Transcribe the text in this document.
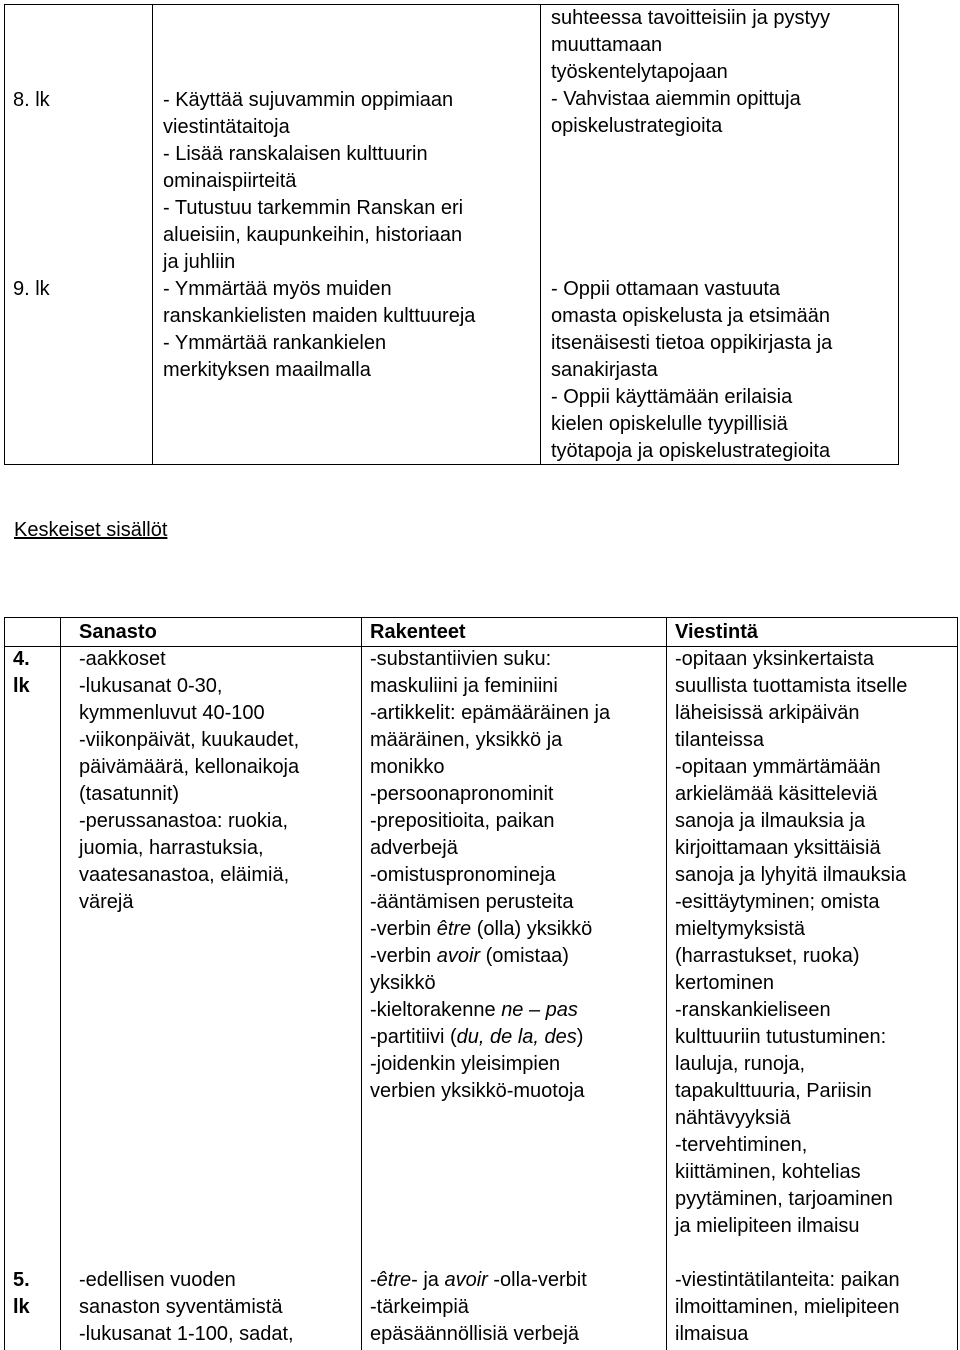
8. lk
9. lk
- Käyttää sujuvammin oppimiaan
viestintätaitoja
- Lisää ranskalaisen kulttuurin
ominaispiirteitä
- Tutustuu tarkemmin Ranskan eri
alueisiin, kaupunkeihin, historiaan
ja juhliin
- Ymmärtää myös muiden
ranskankielisten maiden kulttuureja
- Ymmärtää rankankielen
merkityksen maailmalla
suhteessa tavoitteisiin ja pystyy
muuttamaan
työskentelytapojaan
- Vahvistaa aiemmin opittuja
opiskelustrategioita
- Oppii ottamaan vastuuta
omasta opiskelusta ja etsimään
itsenäisesti tietoa oppikirjasta ja
sanakirjasta
- Oppii käyttämään erilaisia
kielen opiskelulle tyypillisiä
työtapoja ja opiskelustrategioita
Keskeiset sisällöt
Sanasto	Rakenteet	Viestintä
4.
lk
-aakkoset
-lukusanat 0-30,
kymmenluvut 40-100
-viikonpäivät, kuukaudet,
päivämäärä, kellonaikoja
(tasatunnit)
-perussanastoa: ruokia,
juomia, harrastuksia,
vaatesanastoa, eläimiä,
värejä
-substantiivien suku:
maskuliini ja feminiini
-artikkelit: epämääräinen ja
määräinen, yksikkö ja
monikko
-persoonapronominit
-prepositioita, paikan
adverbejä
-omistuspronomineja
-ääntämisen perusteita
-verbin être (olla) yksikkö
-verbin avoir (omistaa)
yksikkö
-kieltorakenne ne – pas
-partitiivi (du, de la, des)
-joidenkin yleisimpien
verbien yksikkö-muotoja
-opitaan yksinkertaista
suullista tuottamista itselle
läheisissä arkipäivän
tilanteissa
-opitaan ymmärtämään
arkielämää käsitteleviä
sanoja ja ilmauksia ja
kirjoittamaan yksittäisiä
sanoja ja lyhyitä ilmauksia
-esittäytyminen; omista
mieltymyksistä
(harrastukset, ruoka)
kertominen
-ranskankieliseen
kulttuuriin tutustuminen:
lauluja, runoja,
tapakulttuuria, Pariisin
nähtävyyksiä
-tervehtiminen,
kiittäminen, kohtelias
pyytäminen, tarjoaminen
ja mielipiteen ilmaisu
5.
lk
-edellisen vuoden
sanaston syventämistä
-lukusanat 1-100, sadat,
-être- ja avoir -olla-verbit
-tärkeimpiä
epäsäännöllisiä verbejä
-viestintätilanteita: paikan
ilmoittaminen, mielipiteen
ilmaisua
